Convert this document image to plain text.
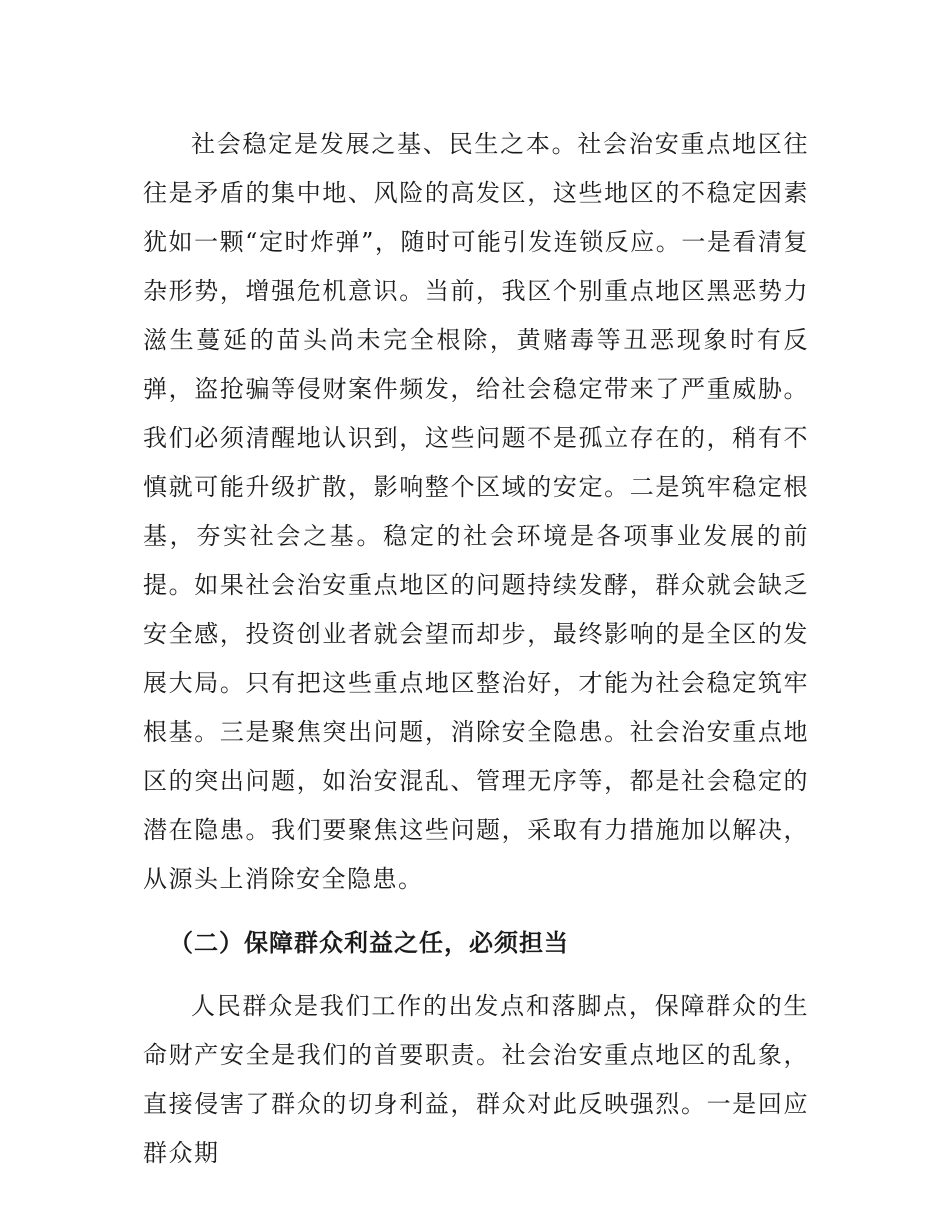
社会稳定是发展之基、民生之本。社会治安重点地区往往是矛盾的集中地、风险的高发区，这些地区的不稳定因素犹如一颗“定时炸弹”，随时可能引发连锁反应。一是看清复杂形势，增强危机意识。当前，我区个别重点地区黑恶势力滋生蔓延的苗头尚未完全根除，黄赌毒等丑恶现象时有反弹，盗抢骗等侵财案件频发，给社会稳定带来了严重威胁。我们必须清醒地认识到，这些问题不是孤立存在的，稍有不慎就可能升级扩散，影响整个区域的安定。二是筑牢稳定根基，夯实社会之基。稳定的社会环境是各项事业发展的前提。如果社会治安重点地区的问题持续发酵，群众就会缺乏安全感，投资创业者就会望而却步，最终影响的是全区的发展大局。只有把这些重点地区整治好，才能为社会稳定筑牢根基。三是聚焦突出问题，消除安全隐患。社会治安重点地区的突出问题，如治安混乱、管理无序等，都是社会稳定的潜在隐患。我们要聚焦这些问题，采取有力措施加以解决，从源头上消除安全隐患。

（二）保障群众利益之任，必须担当

人民群众是我们工作的出发点和落脚点，保障群众的生命财产安全是我们的首要职责。社会治安重点地区的乱象，直接侵害了群众的切身利益，群众对此反映强烈。一是回应群众期
